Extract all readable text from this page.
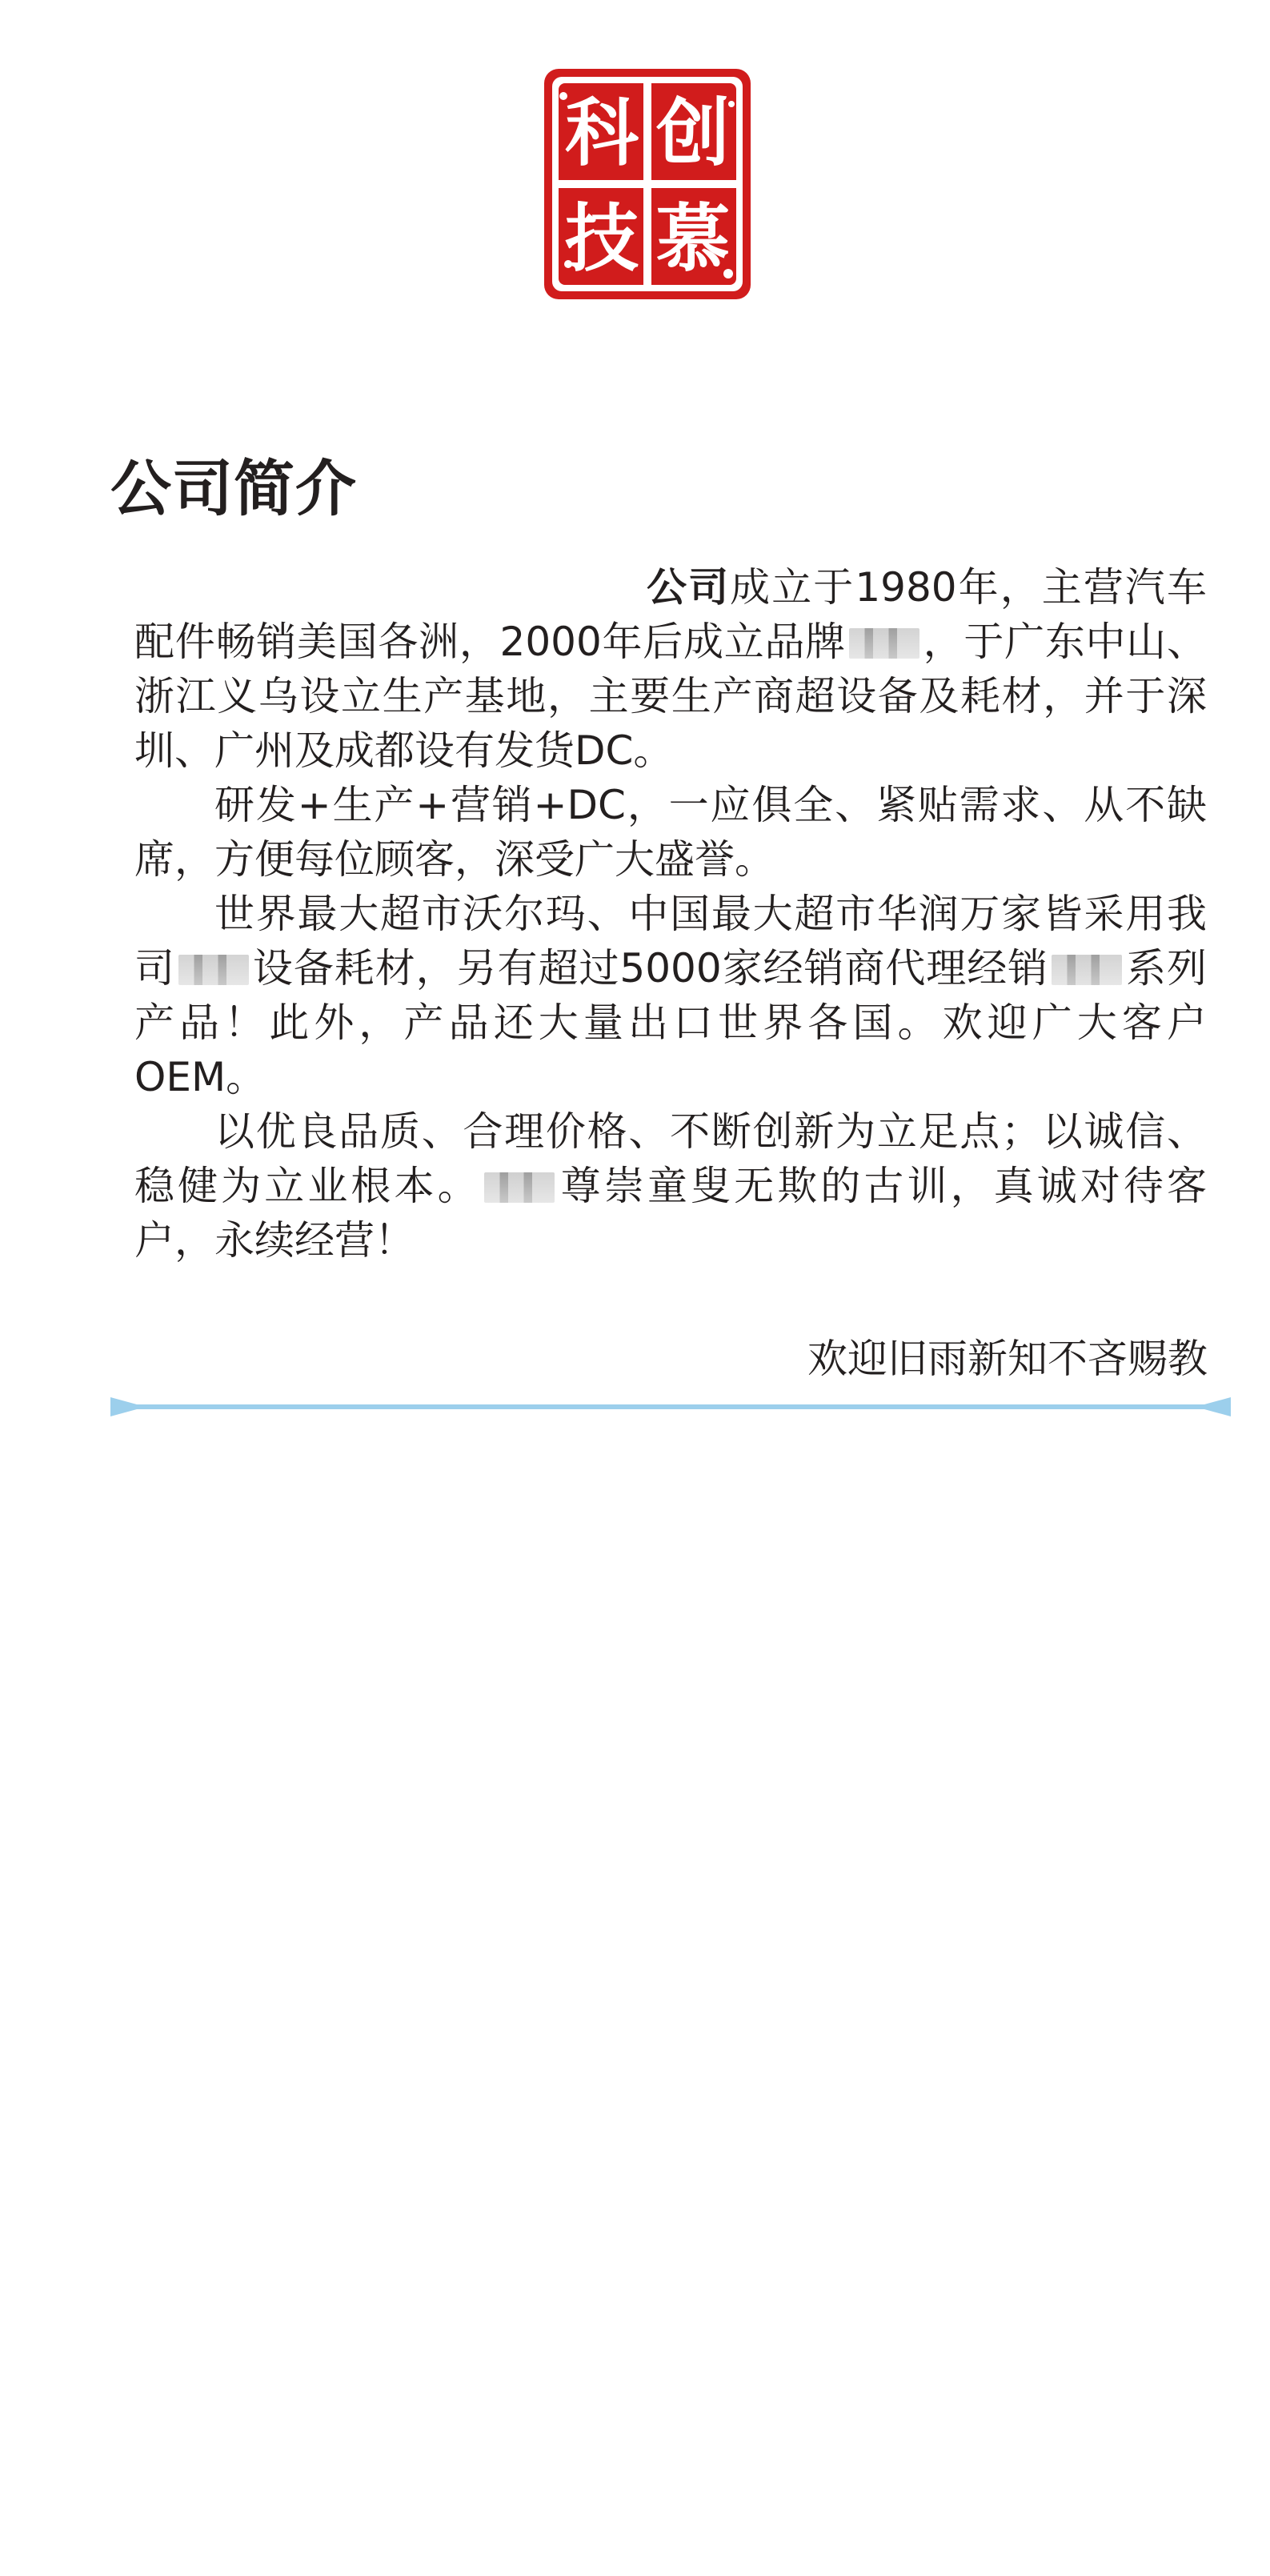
创
科
慕
技
公司简介

公司成立于1980年，主营汽车配件畅销美国各洲，2000年后成立品牌 ，于广东中山、浙江义乌设立生产基地，主要生产商超设备及耗材，并于深圳、广州及成都设有发货DC。

研发+生产+营销+DC，一应俱全、紧贴需求、从不缺席，方便每位顾客，深受广大盛誉。

世界最大超市沃尔玛、中国最大超市华润万家皆采用我司 设备耗材，另有超过5000家经销商代理经销 系列产品！此外，产品还大量出口世界各国。欢迎广大客户OEM。

以优良品质、合理价格、不断创新为立足点；以诚信、稳健为立业根本。 尊崇童叟无欺的古训，真诚对待客户，永续经营！

欢迎旧雨新知不吝赐教
